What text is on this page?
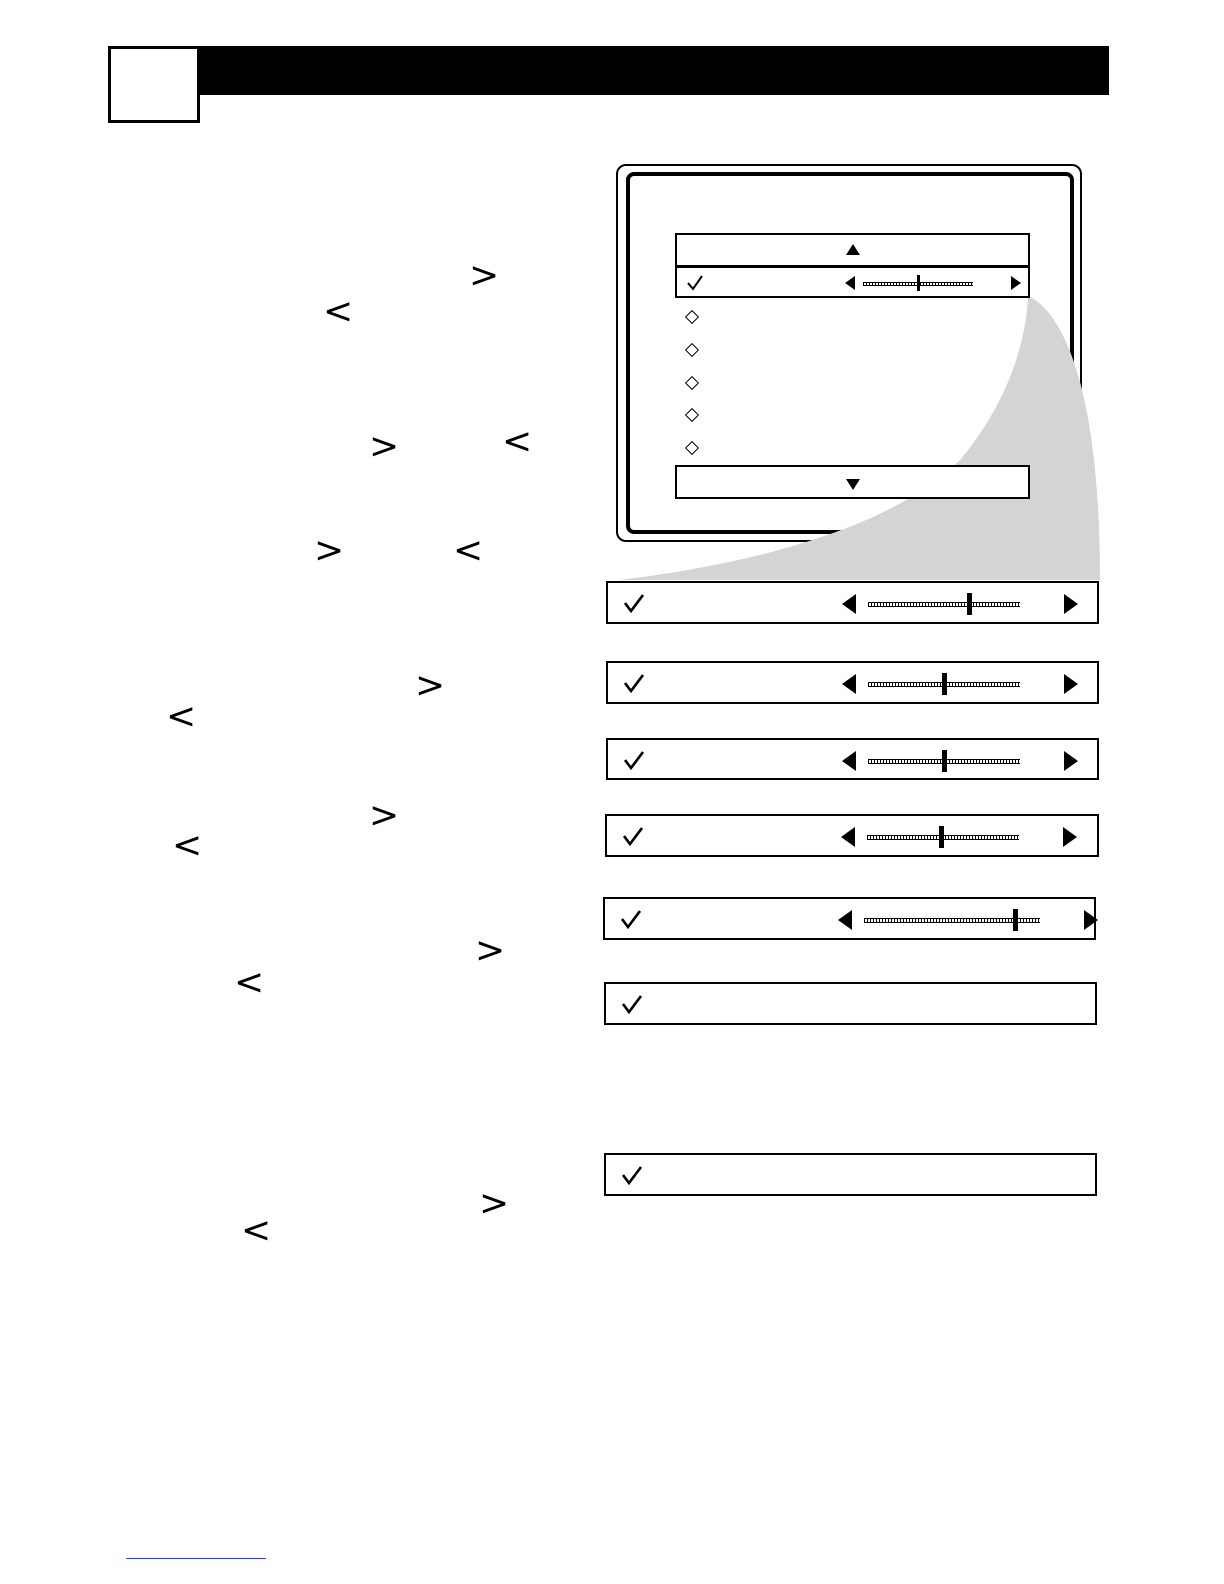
>
<
>	<
>	<
>
<
>
<
>
<
>
<
